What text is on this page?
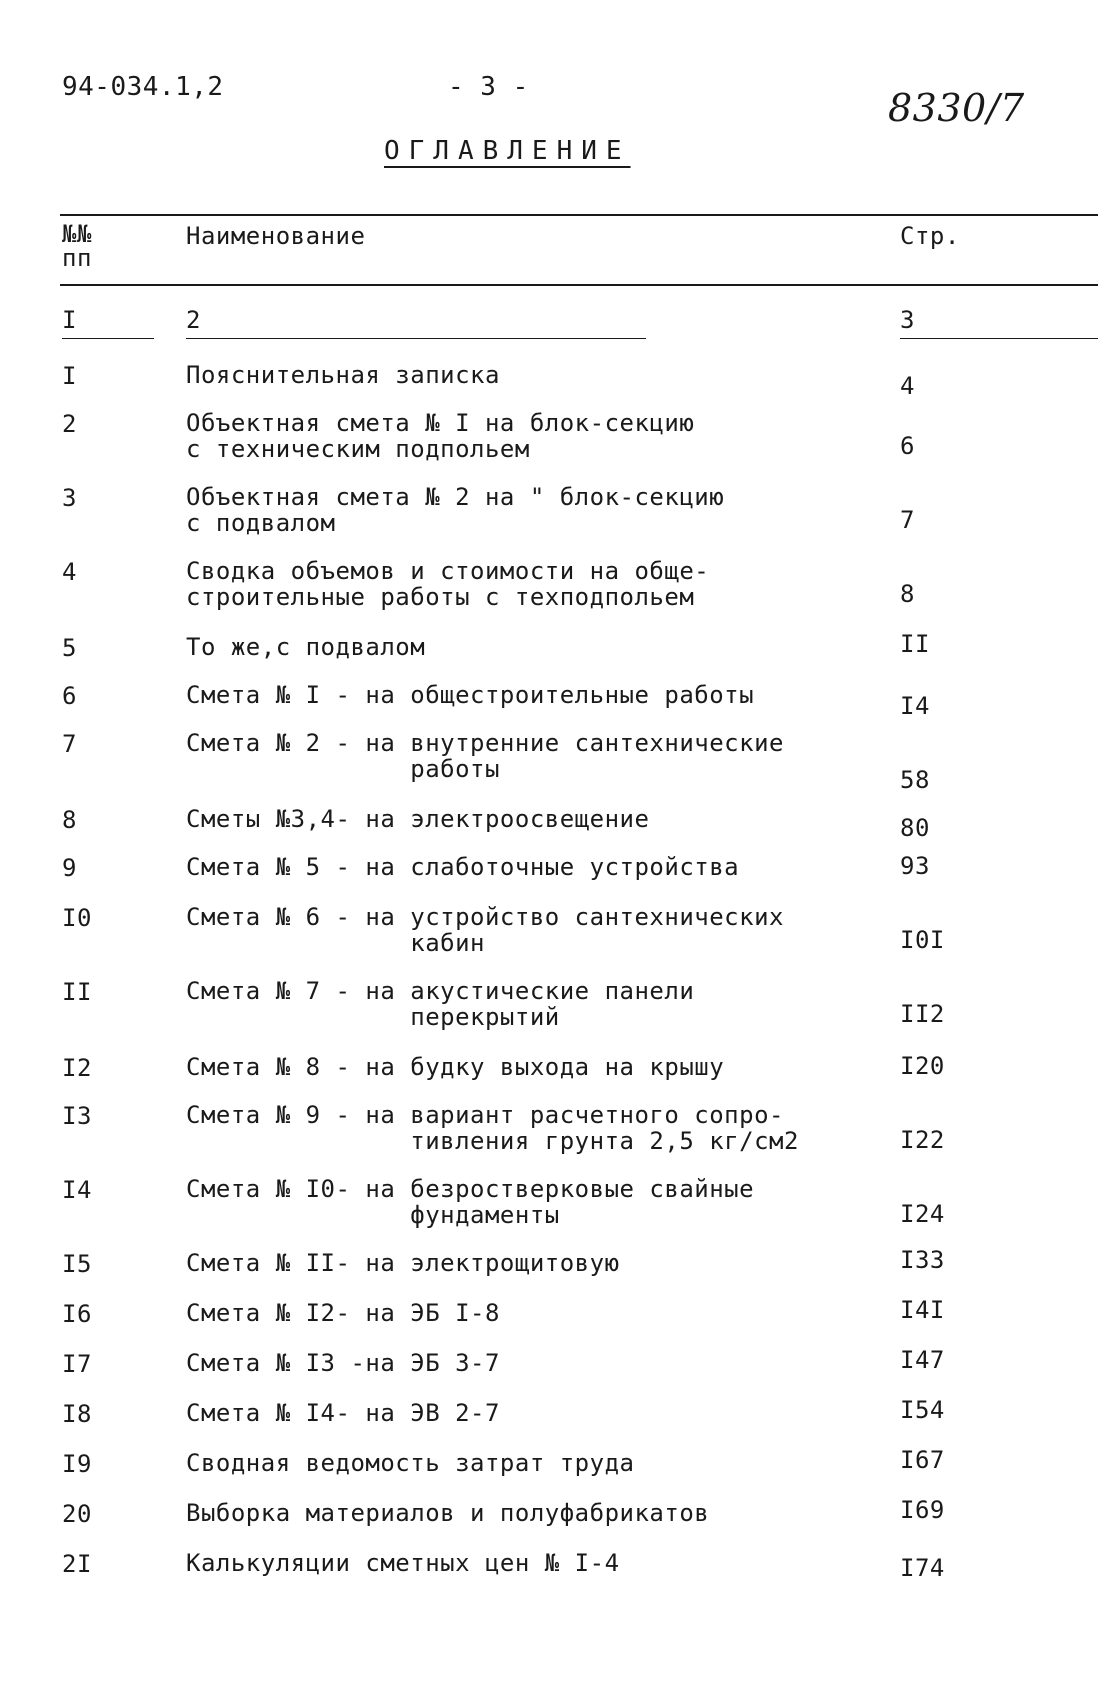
94-034.1,2	- 3 -	8330/7
ОГЛАВЛЕНИЕ
№№
пп
Наименование	Стр.
I	2	3
I	Пояснительная записка	4
2	Объектная смета № I на блок-секцию
с техническим подпольем	6
3	Объектная смета № 2 на " блок-секцию
с подвалом	7
4	Сводка объемов и стоимости на обще-
строительные работы с техподпольем	8
5	То же,с подвалом	II
6	Смета № I - на общестроительные работы	I4
7	Смета № 2 - на внутренние сантехнические
работы	58
8	Сметы №3,4- на электроосвещение	80
9	Смета № 5 - на слаботочные устройства	93
I0	Смета № 6 - на устройство сантехнических
кабин	I0I
II	Смета № 7 - на акустические панели
перекрытий	II2
I2	Смета № 8 - на будку выхода на крышу	I20
I3	Смета № 9 - на вариант расчетного сопро-
тивления грунта 2,5 кг/см2	I22
I4	Смета № I0- на безростверковые свайные
фундаменты	I24
I5	Смета № II- на электрощитовую	I33
I6	Смета № I2- на ЭБ I-8	I4I
I7	Смета № I3 -на ЭБ 3-7	I47
I8	Смета № I4- на ЭВ 2-7	I54
I9	Сводная ведомость затрат труда	I67
20	Выборка материалов и полуфабрикатов	I69
2I	Калькуляции сметных цен № I-4	I74
